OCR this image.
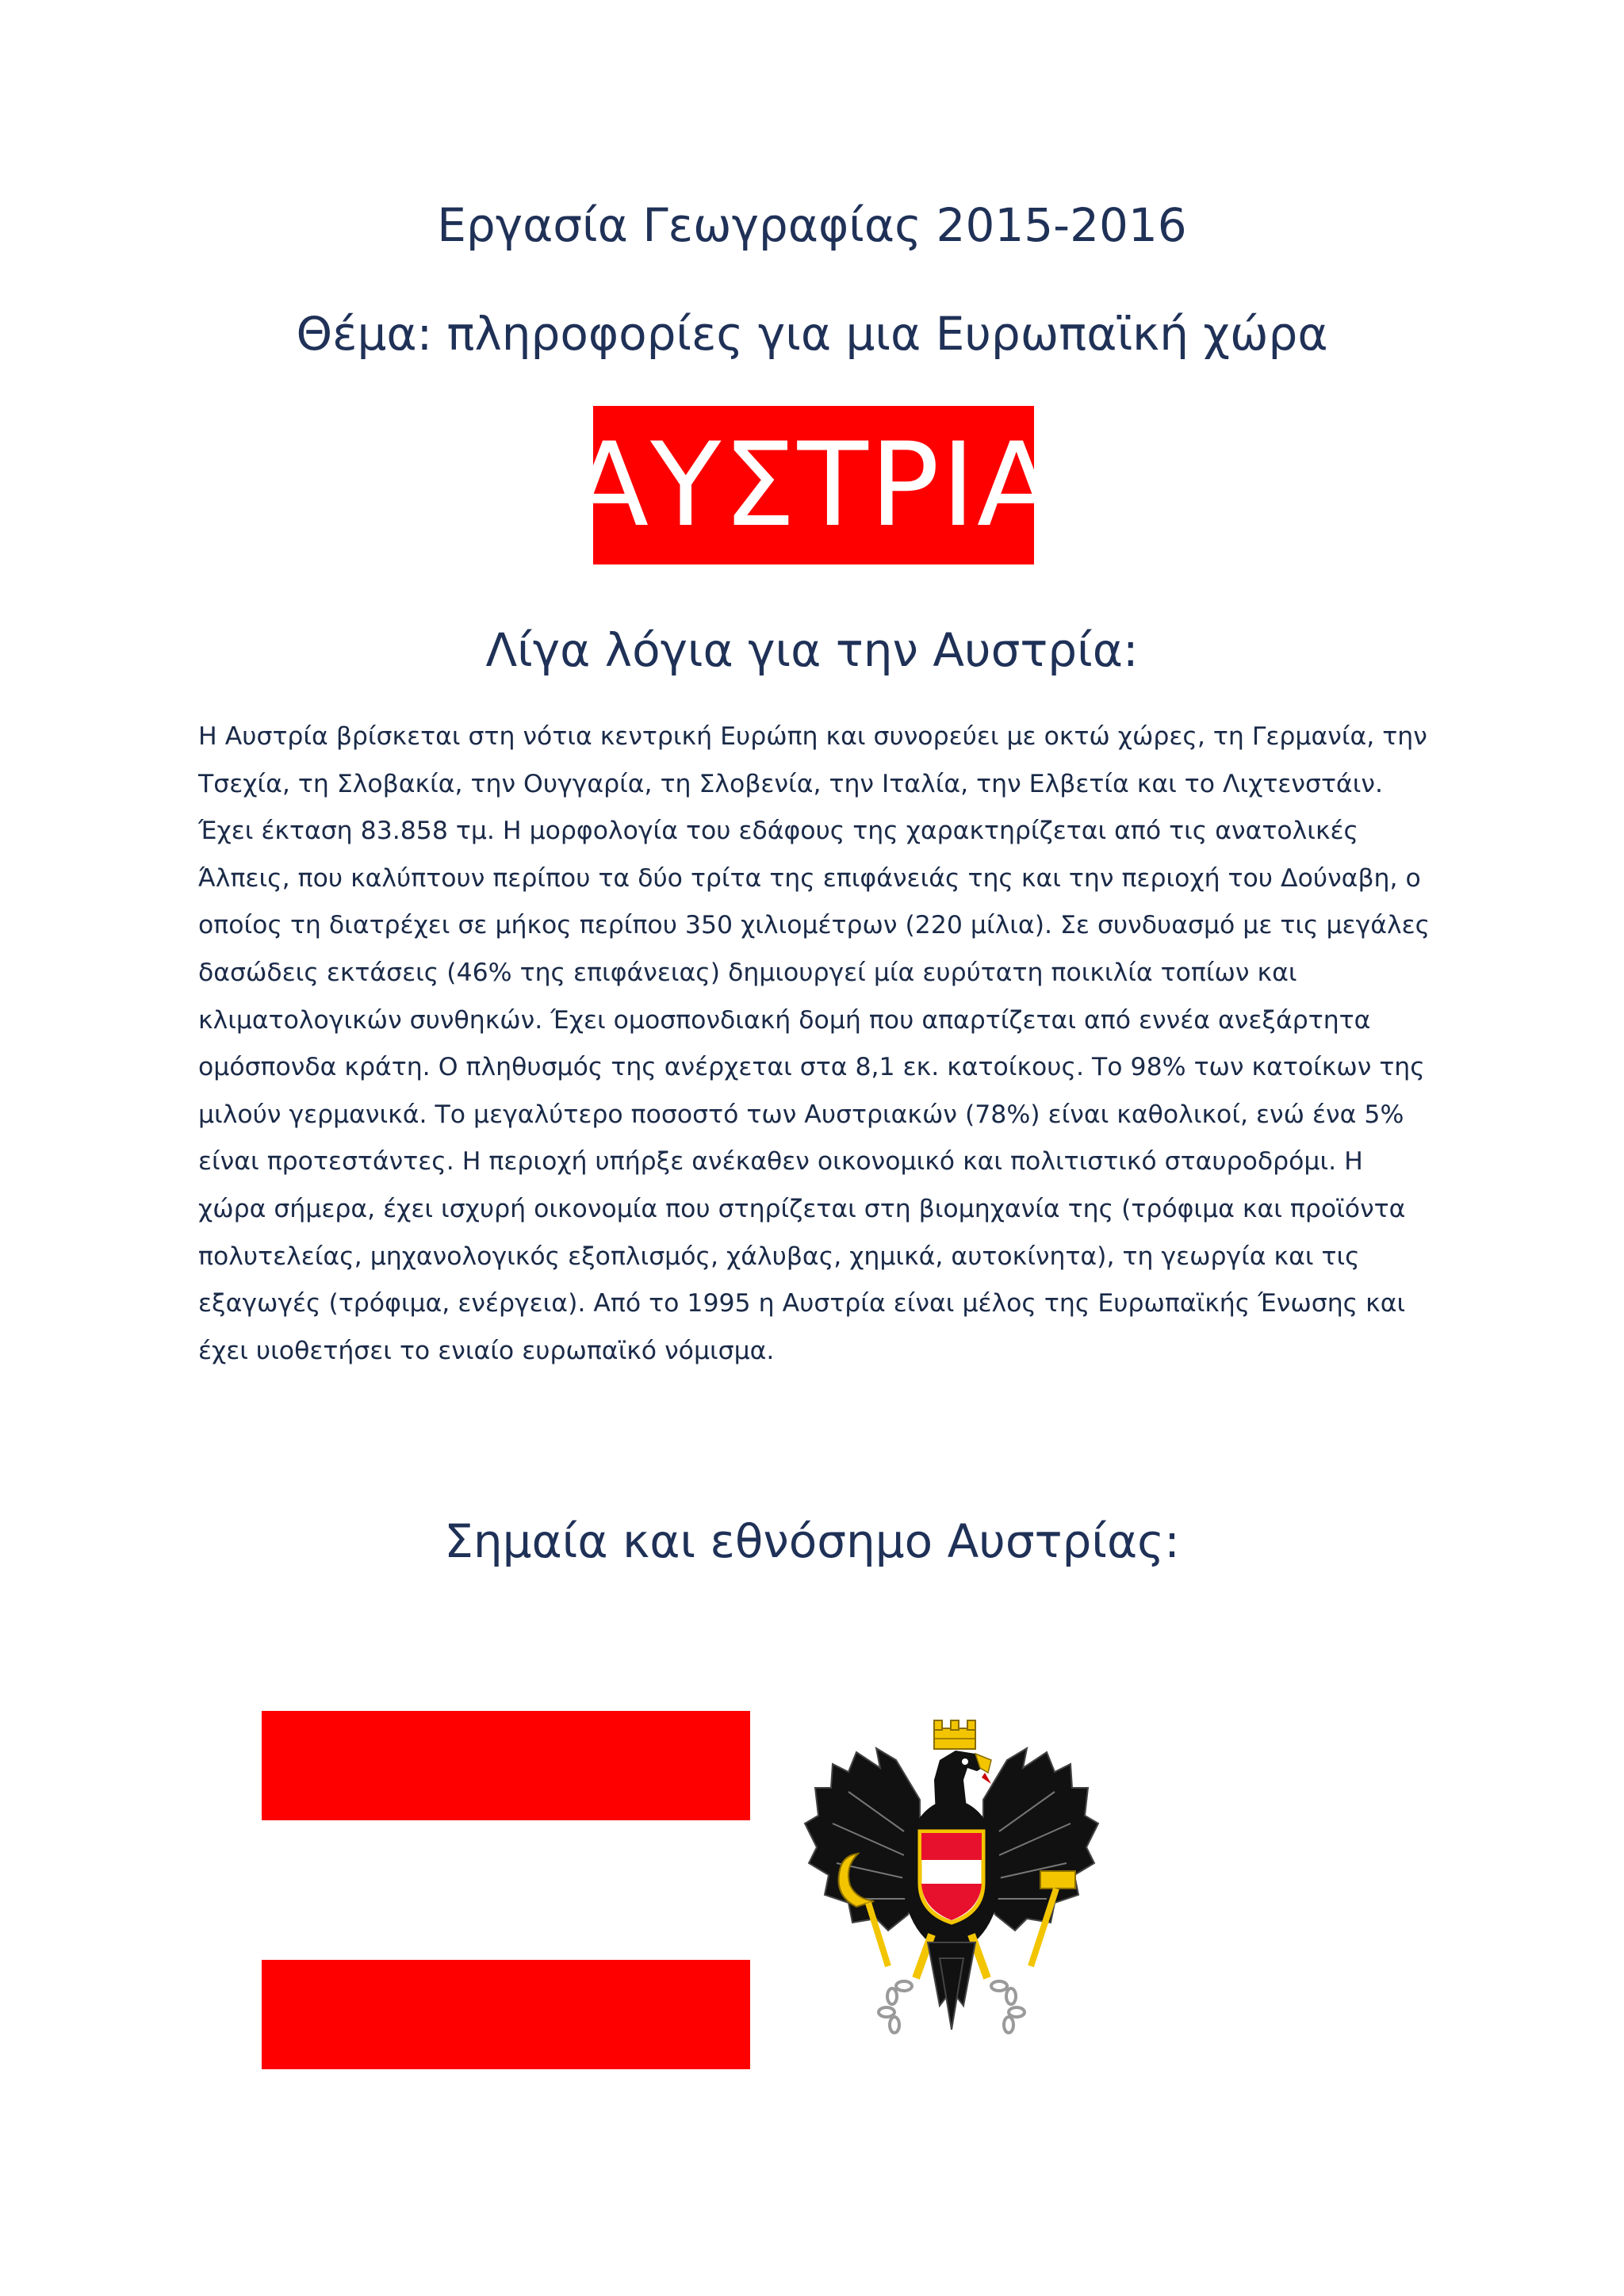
Εργασία Γεωγραφίας 2015-2016
Θέμα: πληροφορίες για μια Ευρωπαϊκή χώρα
ΑΥΣΤΡΙΑ
Λίγα λόγια για την Αυστρία:

Η Αυστρία βρίσκεται στη νότια κεντρική Ευρώπη και συνορεύει με οκτώ χώρες, τη Γερμανία, την Τσεχία, τη Σλοβακία, την Ουγγαρία, τη Σλοβενία, την Ιταλία, την Ελβετία και το Λιχτενστάιν. Έχει έκταση 83.858 τμ. Η μορφολογία του εδάφους της χαρακτηρίζεται από τις ανατολικές Άλπεις, που καλύπτουν περίπου τα δύο τρίτα της επιφάνειάς της και την περιοχή του Δούναβη, ο οποίος τη διατρέχει σε μήκος περίπου 350 χιλιομέτρων (220 μίλια). Σε συνδυασμό με τις μεγάλες δασώδεις εκτάσεις (46% της επιφάνειας) δημιουργεί μία ευρύτατη ποικιλία τοπίων και κλιματολογικών συνθηκών. Έχει ομοσπονδιακή δομή που απαρτίζεται από εννέα ανεξάρτητα ομόσπονδα κράτη. Ο πληθυσμός της ανέρχεται στα 8,1 εκ. κατοίκους. Το 98% των κατοίκων της μιλούν γερμανικά. Το μεγαλύτερο ποσοστό των Αυστριακών (78%) είναι καθολικοί, ενώ ένα 5% είναι προτεστάντες. Η περιοχή υπήρξε ανέκαθεν οικονομικό και πολιτιστικό σταυροδρόμι. Η χώρα σήμερα, έχει ισχυρή οικονομία που στηρίζεται στη βιομηχανία της (τρόφιμα και προϊόντα πολυτελείας, μηχανολογικός εξοπλισμός, χάλυβας, χημικά, αυτοκίνητα), τη γεωργία και τις εξαγωγές (τρόφιμα, ενέργεια). Από το 1995 η Αυστρία είναι μέλος της Ευρωπαϊκής Ένωσης και έχει υιοθετήσει το ενιαίο ευρωπαϊκό νόμισμα.

Σημαία και εθνόσημο Αυστρίας:
